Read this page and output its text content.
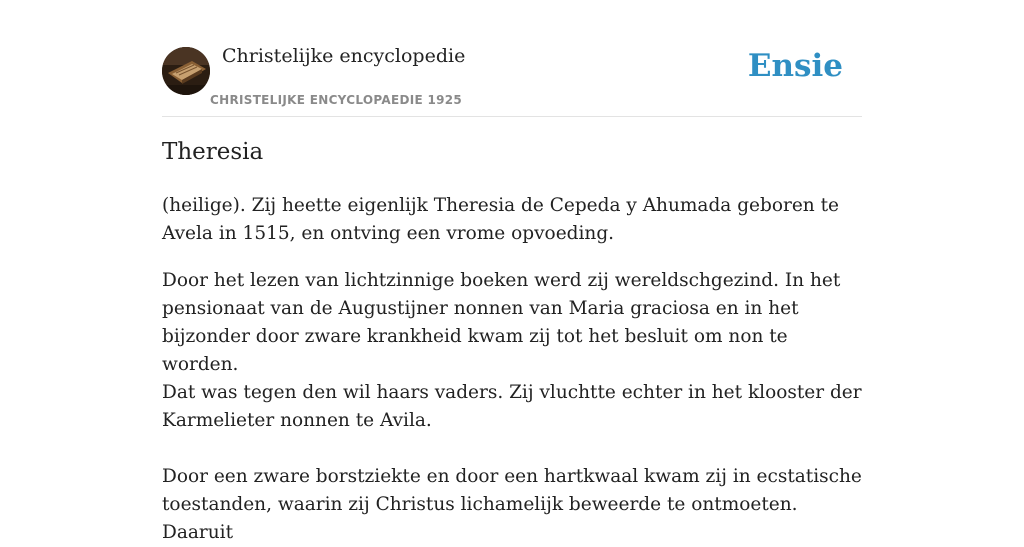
Christelijke encyclopedie
CHRISTELIJKE ENCYCLOPAEDIE 1925
Ensie
Theresia

(heilige). Zij heette eigenlijk Theresia de Cepeda y Ahumada geboren te Avela in 1515, en ontving een vrome opvoeding.

Door het lezen van lichtzinnige boeken werd zij wereldschgezind. In het pensionaat van de Augustijner nonnen van Maria graciosa en in het bijzonder door zware krankheid kwam zij tot het besluit om non te worden.

Dat was tegen den wil haars vaders. Zij vluchtte echter in het klooster der Karmelieter nonnen te Avila.

Door een zware borstziekte en door een hartkwaal kwam zij in ecstatische toestanden, waarin zij Christus lichamelijk beweerde te ontmoeten. Daaruit
